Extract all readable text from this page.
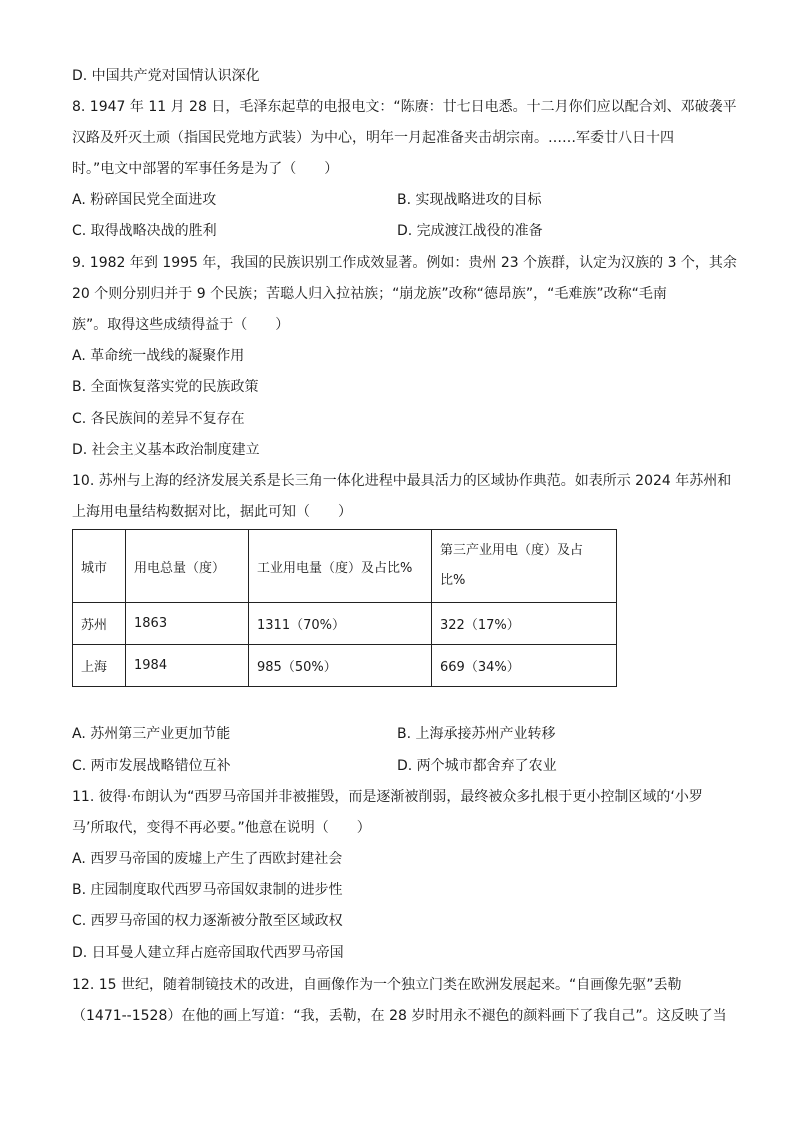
D. 中国共产党对国情认识深化
8. 1947 年 11 月 28 日，毛泽东起草的电报电文：“陈赓：廿七日电悉。十二月你们应以配合刘、邓破袭平
汉路及歼灭土顽（指国民党地方武装）为中心，明年一月起准备夹击胡宗南。……军委廿八日十四
时。”电文中部署的军事任务是为了（　　）
A. 粉碎国民党全面进攻	B. 实现战略进攻的目标
C. 取得战略决战的胜利	D. 完成渡江战役的准备
9. 1982 年到 1995 年，我国的民族识别工作成效显著。例如：贵州 23 个族群，认定为汉族的 3 个，其余
20 个则分别归并于 9 个民族；苦聪人归入拉祜族；“崩龙族”改称“德昂族”，“毛难族”改称“毛南
族”。取得这些成绩得益于（　　）
A. 革命统一战线的凝聚作用
B. 全面恢复落实党的民族政策
C. 各民族间的差异不复存在
D. 社会主义基本政治制度建立
10. 苏州与上海的经济发展关系是长三角一体化进程中最具活力的区域协作典范。如表所示 2024 年苏州和
上海用电量结构数据对比，据此可知（　　）
城市	用电总量（度）	工业用电量（度）及占比%	第三产业用电（度）及占比%
苏州	1863	1311（70%）	322（17%）
上海	1984	985（50%）	669（34%）
A. 苏州第三产业更加节能	B. 上海承接苏州产业转移
C. 两市发展战略错位互补	D. 两个城市都舍弃了农业
11. 彼得·布朗认为“西罗马帝国并非被摧毁，而是逐渐被削弱，最终被众多扎根于更小控制区域的‘小罗
马’所取代，变得不再必要。”他意在说明（　　）
A. 西罗马帝国的废墟上产生了西欧封建社会
B. 庄园制度取代西罗马帝国奴隶制的进步性
C. 西罗马帝国的权力逐渐被分散至区域政权
D. 日耳曼人建立拜占庭帝国取代西罗马帝国
12. 15 世纪，随着制镜技术的改进，自画像作为一个独立门类在欧洲发展起来。“自画像先驱”丢勒
（1471--1528）在他的画上写道：“我，丢勒，在 28 岁时用永不褪色的颜料画下了我自己”。这反映了当
